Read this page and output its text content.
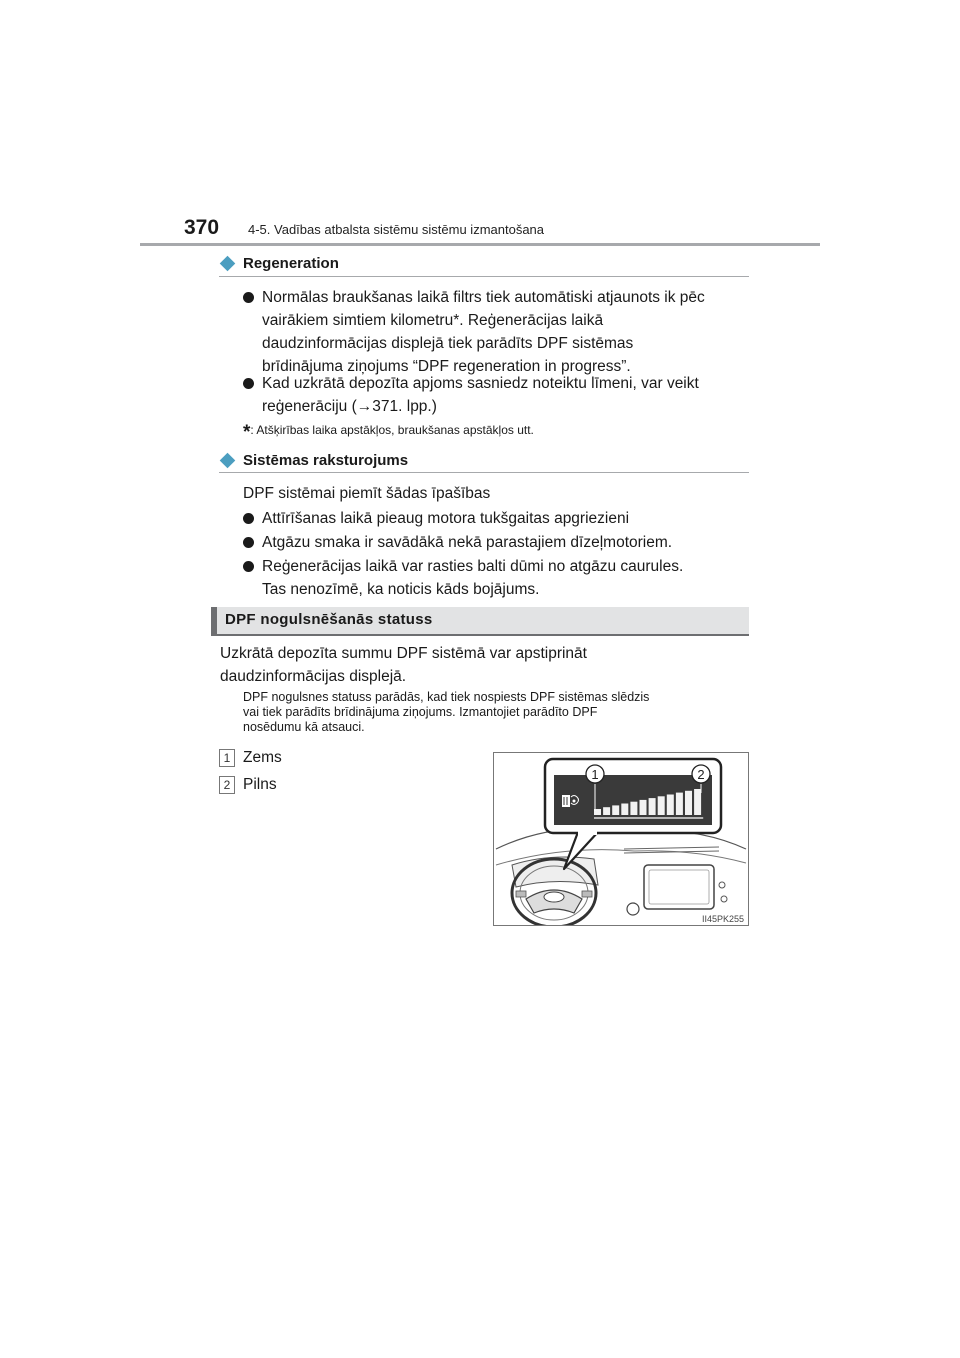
370 4-5. Vadības atbalsta sistēmu sistēmu izmantošana
Regeneration
Normālas braukšanas laikā filtrs tiek automātiski atjaunots ik pēc
vairākiem simtiem kilometru*. Reģenerācijas laikā
daudzinformācijas displejā tiek parādīts DPF sistēmas
brīdinājuma ziņojums “DPF regeneration in progress”.
Kad uzkrātā depozīta apjoms sasniedz noteiktu līmeni, var veikt
reģenerāciju (→371. lpp.)
*: Atšķirības laika apstākļos, braukšanas apstākļos utt.
Sistēmas raksturojums
DPF sistēmai piemīt šādas īpašības
Attīrīšanas laikā pieaug motora tukšgaitas apgriezieni
Atgāzu smaka ir savādākā nekā parastajiem dīzeļmotoriem.
Reģenerācijas laikā var rasties balti dūmi no atgāzu caurules.
Tas nenozīmē, ka noticis kāds bojājums.
DPF nogulsnēšanās statuss
Uzkrātā depozīta summu DPF sistēmā var apstiprināt
daudzinformācijas displejā.
DPF nogulsnes statuss parādās, kad tiek nospiests DPF sistēmas slēdzis
vai tiek parādīts brīdinājuma ziņojums. Izmantojiet parādīto DPF
nosēdumu kā atsauci.
1 Zems
2 Pilns
1	2
II45PK255
